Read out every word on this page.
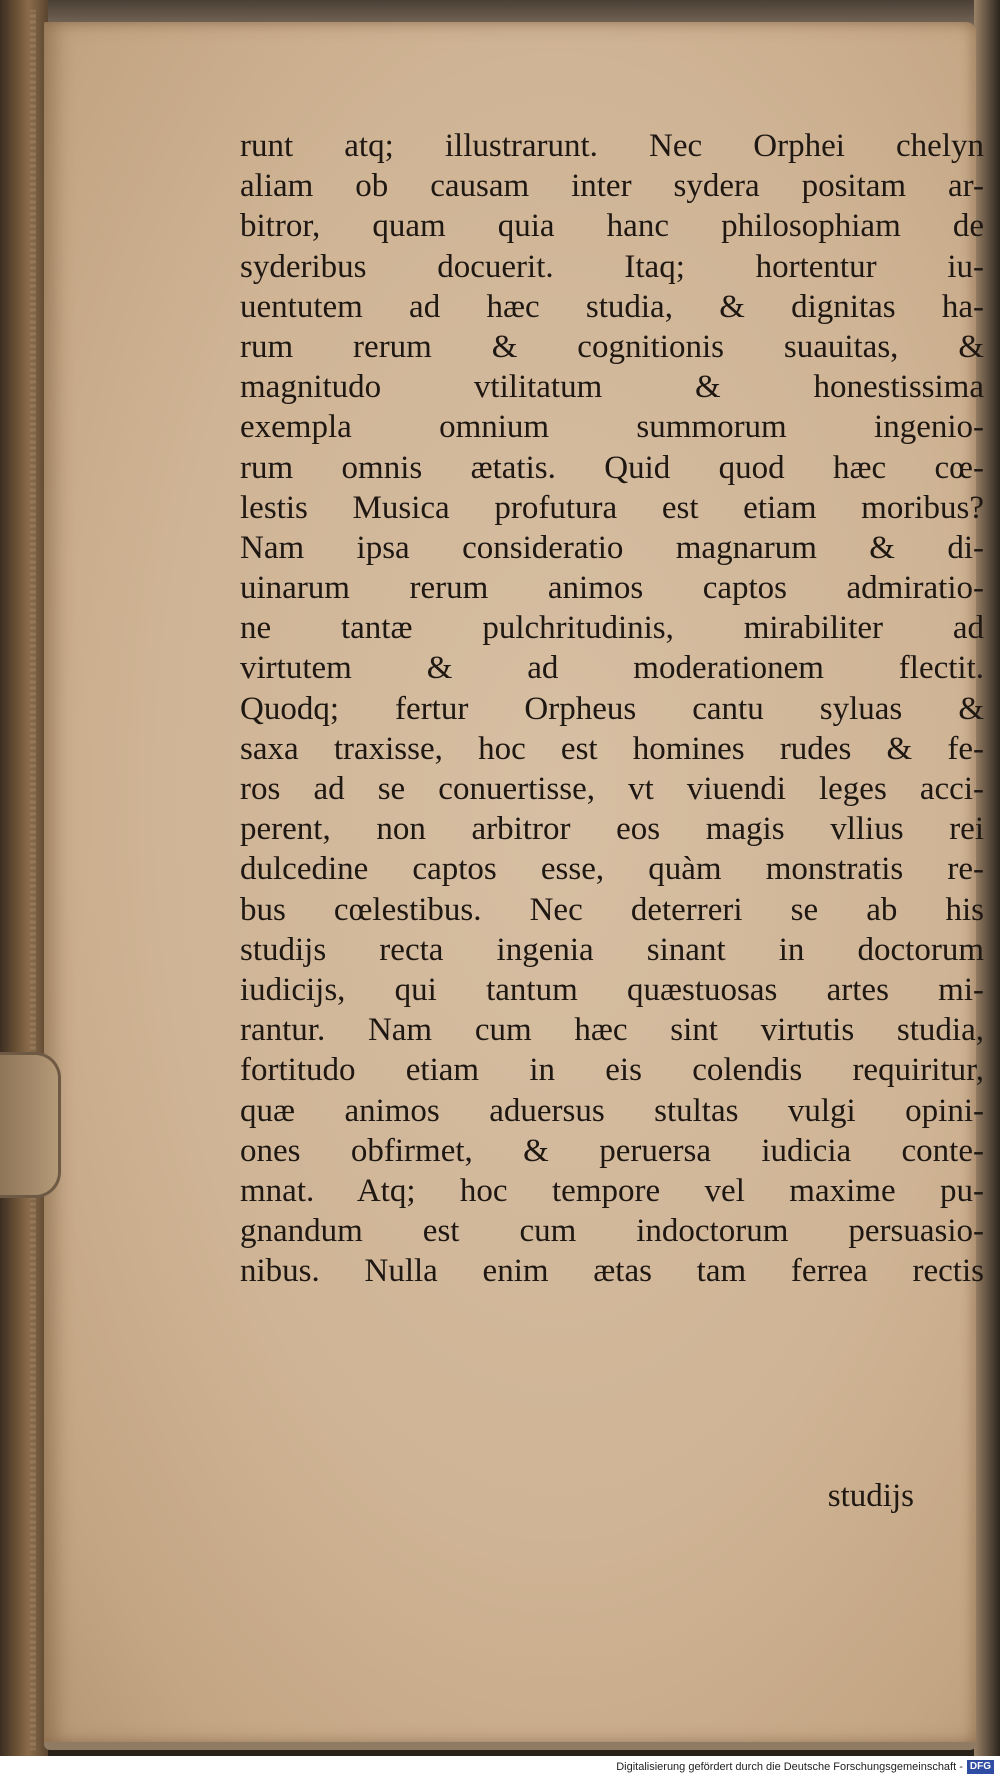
runt atq; illustrarunt. Nec Orphei chelyn
aliam ob causam inter sydera positam ar-
bitror, quam quia hanc philosophiam de
syderibus docuerit. Itaq; hortentur iu-
uentutem ad hæc studia, & dignitas ha-
rum rerum & cognitionis suauitas, &
magnitudo vtilitatum & honestissima
exempla omnium summorum ingenio-
rum omnis ætatis. Quid quod hæc cœ-
lestis Musica profutura est etiam moribus?
Nam ipsa consideratio magnarum & di-
uinarum rerum animos captos admiratio-
ne tantæ pulchritudinis, mirabiliter ad
virtutem & ad moderationem flectit.
Quodq; fertur Orpheus cantu syluas &
saxa traxisse, hoc est homines rudes & fe-
ros ad se conuertisse, vt viuendi leges acci-
perent, non arbitror eos magis vllius rei
dulcedine captos esse, quàm monstratis re-
bus cœlestibus. Nec deterreri se ab his
studijs recta ingenia sinant in doctorum
iudicijs, qui tantum quæstuosas artes mi-
rantur. Nam cum hæc sint virtutis studia,
fortitudo etiam in eis colendis requiritur,
quæ animos aduersus stultas vulgi opini-
ones obfirmet, & peruersa iudicia conte-
mnat. Atq; hoc tempore vel maxime pu-
gnandum est cum indoctorum persuasio-
nibus. Nulla enim ætas tam ferrea rectis
studijs
Digitalisierung gefördert durch die Deutsche Forschungsgemeinschaft - DFG
